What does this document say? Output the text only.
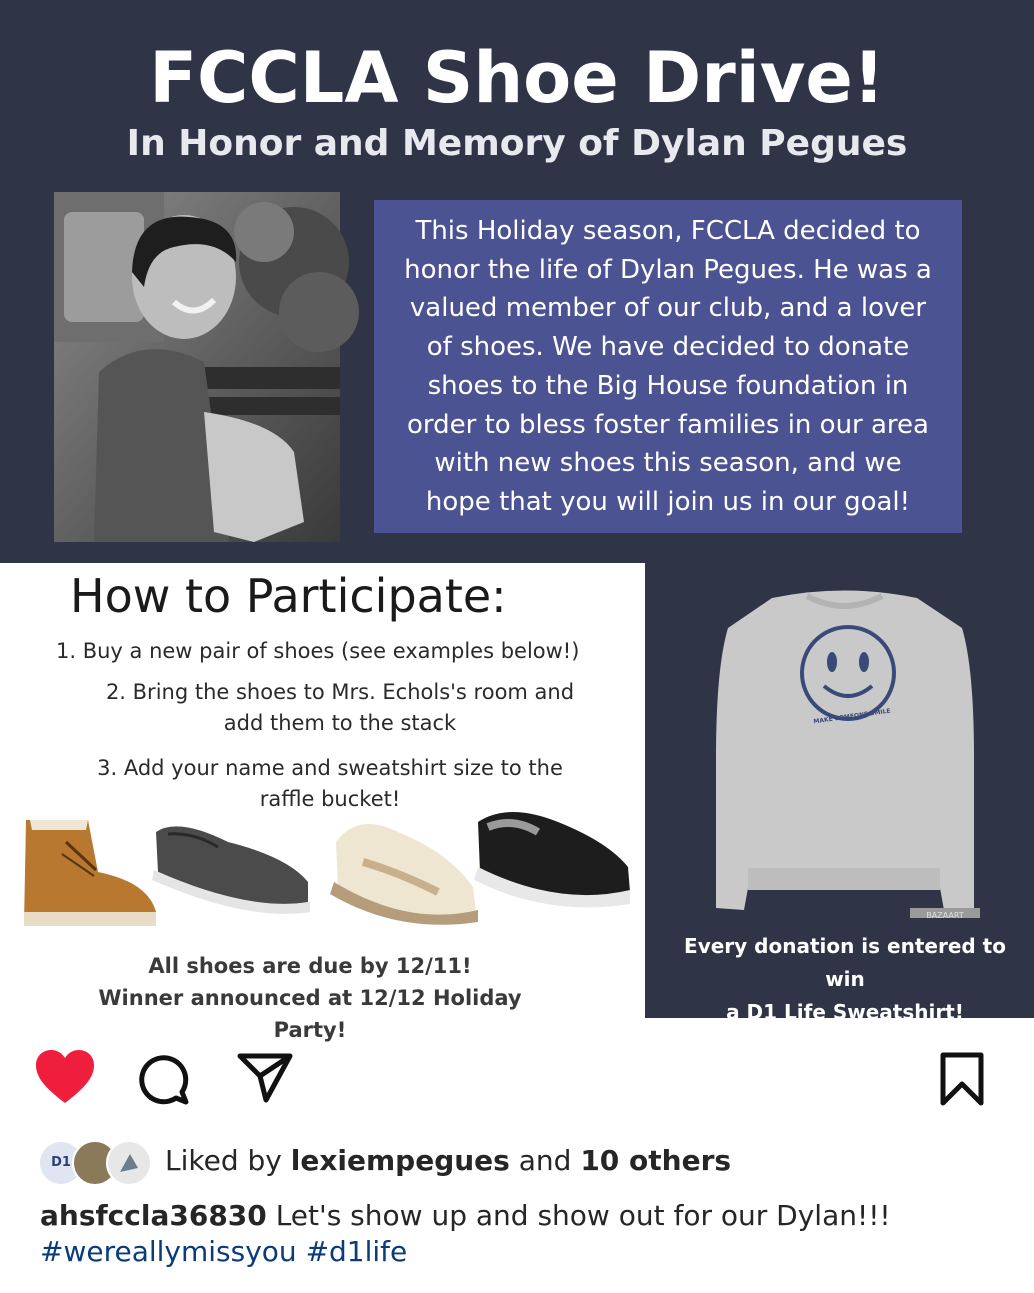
FCCLA Shoe Drive!
In Honor and Memory of Dylan Pegues
This Holiday season, FCCLA decided to
honor the life of Dylan Pegues. He was a
valued member of our club, and a lover
of shoes. We have decided to donate
shoes to the Big House foundation in
order to bless foster families in our area
with new shoes this season, and we
hope that you will join us in our goal!
How to Participate:
1. Buy a new pair of shoes (see examples below!)
2. Bring the shoes to Mrs. Echols's room and
add them to the stack
3. Add your name and sweatshirt size to the
raffle bucket!
All shoes are due by 12/11!
Winner announced at 12/12 Holiday Party!
MAKE SOMEONE SMILE
BAZAART
Every donation is entered to win
a D1 Life Sweatshirt!
D1	Liked by lexiempegues and 10 others
ahsfccla36830 Let's show up and show out for our Dylan!!!
#wereallymissyou #d1life
